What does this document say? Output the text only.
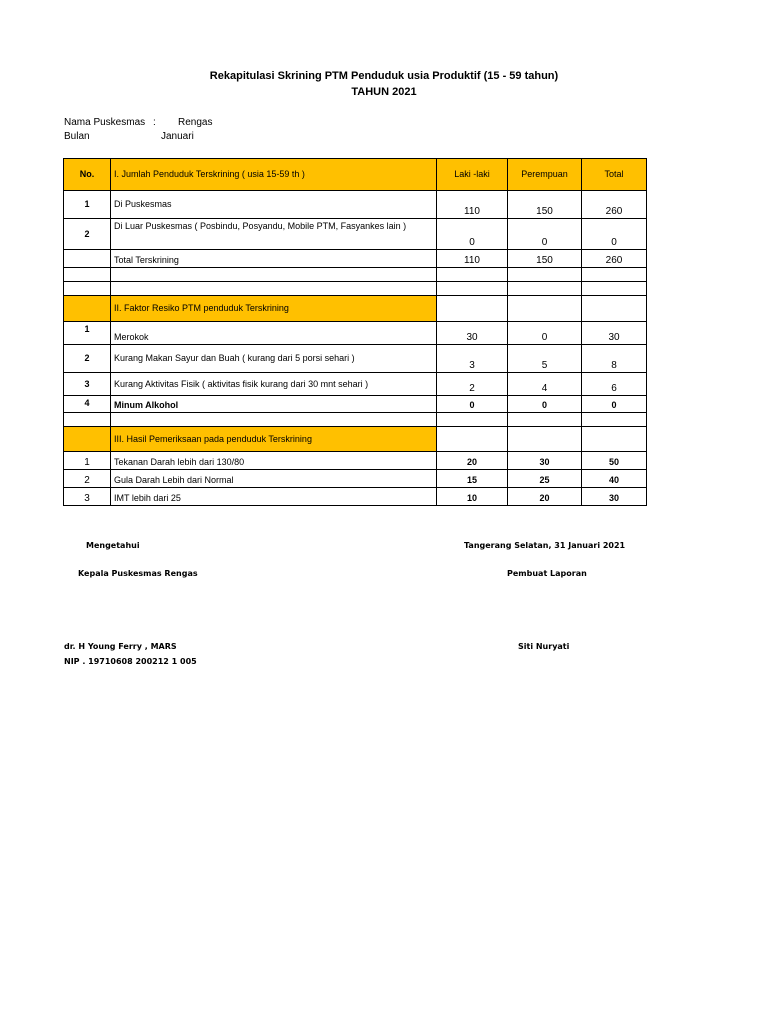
Rekapitulasi Skrining PTM Penduduk usia Produktif (15 - 59 tahun)
TAHUN 2021
Nama Puskesmas : Rengas
Bulan	Januari
No.	I. Jumlah Penduduk Terskrining ( usia 15-59 th )	Laki -laki	Perempuan	Total
1	Di Puskesmas	110	150	260
2	Di Luar Puskesmas ( Posbindu, Posyandu, Mobile PTM, Fasyankes lain )	0	0	0
	Total Terskrining	110	150	260

	II. Faktor Resiko PTM penduduk Terskrining			
1	Merokok	30	0	30
2	Kurang Makan Sayur dan Buah ( kurang dari 5 porsi sehari )	3	5	8
3	Kurang Aktivitas Fisik ( aktivitas fisik kurang dari 30 mnt sehari )	2	4	6
4	Minum Alkohol	0	0	0

	III. Hasil Pemeriksaan pada penduduk Terskrining			
1	Tekanan Darah lebih dari 130/80	20	30	50
2	Gula Darah Lebih dari Normal	15	25	40
3	IMT lebih dari 25	10	20	30
Mengetahui
Kepala Puskesmas Rengas
dr. H Young Ferry , MARS
NIP . 19710608 200212 1 005
Tangerang Selatan, 31 Januari 2021
Pembuat Laporan
Siti Nuryati
